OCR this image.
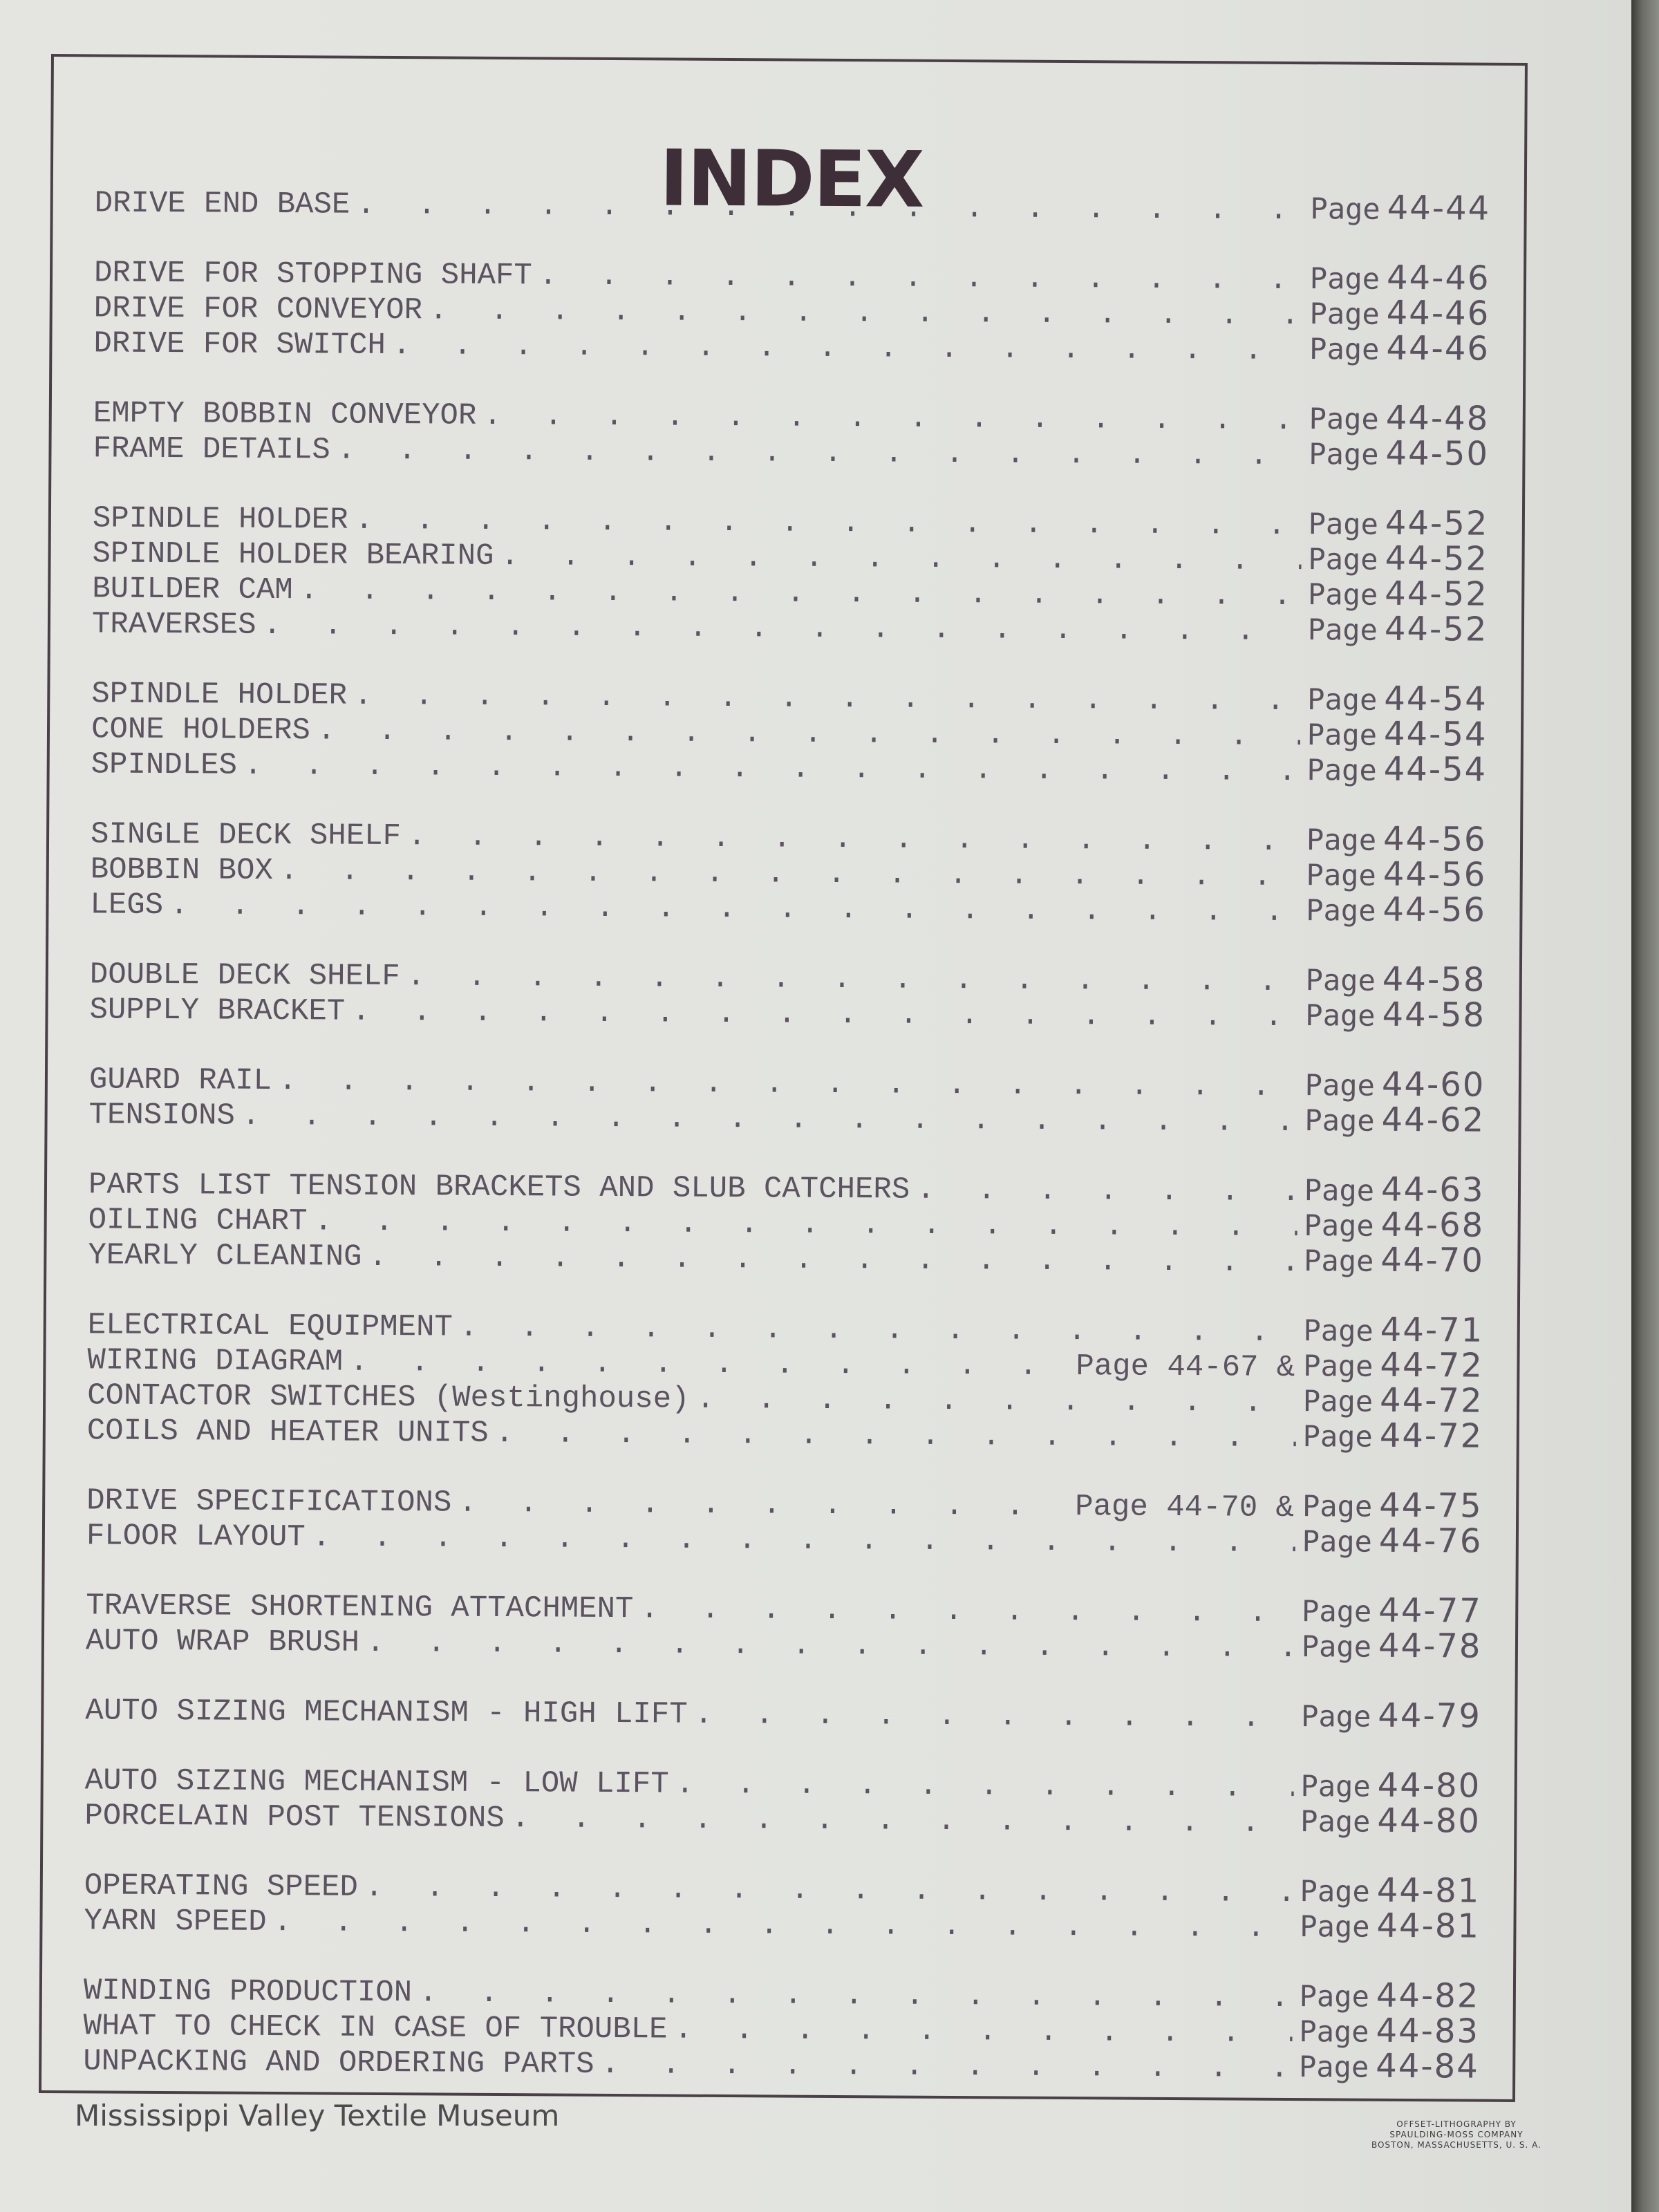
INDEX
DRIVE END BASE . . .	Page 44-44
DRIVE FOR STOPPING SHAFT . . .	Page 44-46
DRIVE FOR CONVEYOR . . .	Page 44-46
DRIVE FOR SWITCH . . .	Page 44-46
EMPTY BOBBIN CONVEYOR . . .	Page 44-48
FRAME DETAILS . . .	Page 44-50
SPINDLE HOLDER . . .	Page 44-52
SPINDLE HOLDER BEARING . . .	Page 44-52
BUILDER CAM . . .	Page 44-52
TRAVERSES . . .	Page 44-52
SPINDLE HOLDER . . .	Page 44-54
CONE HOLDERS . . .	Page 44-54
SPINDLES . . .	Page 44-54
SINGLE DECK SHELF . . .	Page 44-56
BOBBIN BOX . . .	Page 44-56
LEGS . . .	Page 44-56
DOUBLE DECK SHELF . . .	Page 44-58
SUPPLY BRACKET . . .	Page 44-58
GUARD RAIL . . .	Page 44-60
TENSIONS . . .	Page 44-62
PARTS LIST TENSION BRACKETS AND SLUB CATCHERS . . .	Page 44-63
OILING CHART . . .	Page 44-68
YEARLY CLEANING . . .	Page 44-70
ELECTRICAL EQUIPMENT . . .	Page 44-71
WIRING DIAGRAM . . .	Page 44-67 & Page 44-72
CONTACTOR SWITCHES (Westinghouse) . . .	Page 44-72
COILS AND HEATER UNITS . . .	Page 44-72
DRIVE SPECIFICATIONS . . .	Page 44-70 & Page 44-75
FLOOR LAYOUT . . .	Page 44-76
TRAVERSE SHORTENING ATTACHMENT . . .	Page 44-77
AUTO WRAP BRUSH . . .	Page 44-78
AUTO SIZING MECHANISM - HIGH LIFT . . .	Page 44-79
AUTO SIZING MECHANISM - LOW LIFT . . .	Page 44-80
PORCELAIN POST TENSIONS . . .	Page 44-80
OPERATING SPEED . . .	Page 44-81
YARN SPEED . . .	Page 44-81
WINDING PRODUCTION . . .	Page 44-82
WHAT TO CHECK IN CASE OF TROUBLE . . .	Page 44-83
UNPACKING AND ORDERING PARTS . . .	Page 44-84
Mississippi Valley Textile Museum	OFFSET-LITHOGRAPHY BY
SPAULDING-MOSS COMPANY
BOSTON, MASSACHUSETTS, U. S. A.
